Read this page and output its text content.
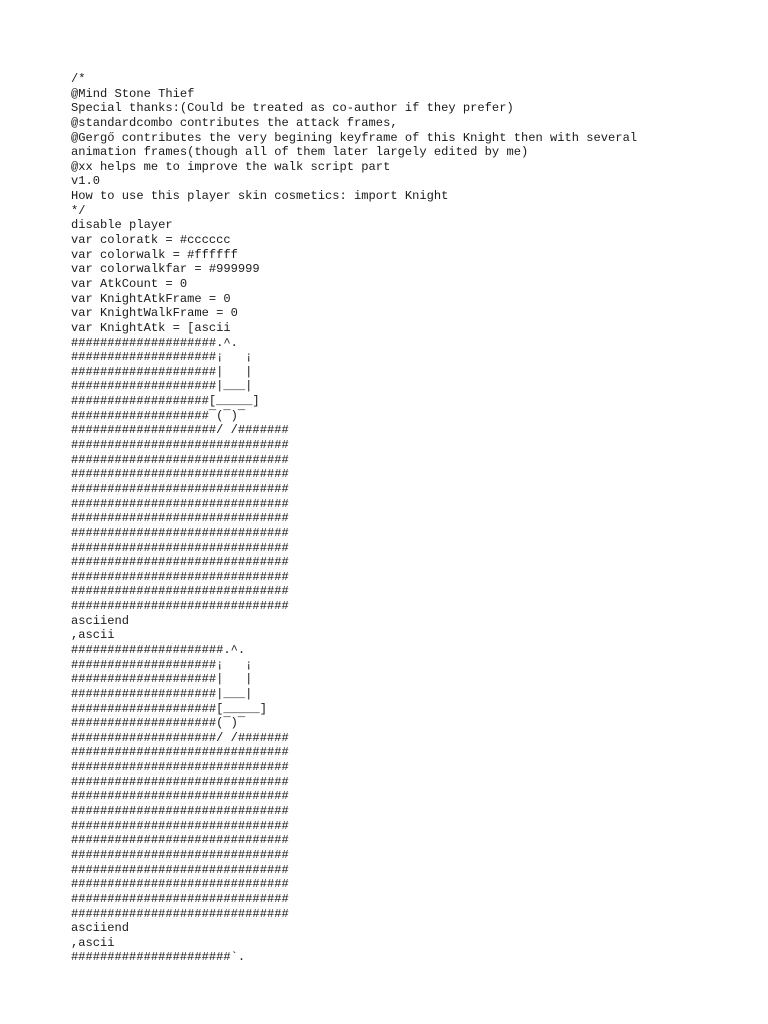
/*
@Mind Stone Thief
Special thanks:(Could be treated as co-author if they prefer)
@standardcombo contributes the attack frames,
@Gergő contributes the very begining keyframe of this Knight then with several
animation frames(though all of them later largely edited by me)
@xx helps me to improve the walk script part
v1.0
How to use this player skin cosmetics: import Knight
*/
disable player
var coloratk = #cccccc
var colorwalk = #ffffff
var colorwalkfar = #999999
var AtkCount = 0
var KnightAtkFrame = 0
var KnightWalkFrame = 0
var KnightAtk = [ascii
####################.^.
####################¡   ¡
####################|   |
####################|___|
###################[_____]
###################¯(¯)¯
####################/ /#######
##############################
##############################
##############################
##############################
##############################
##############################
##############################
##############################
##############################
##############################
##############################
##############################
asciiend
,ascii
#####################.^.
####################¡   ¡
####################|   |
####################|___|
####################[_____]
####################(¯)¯
####################/ /#######
##############################
##############################
##############################
##############################
##############################
##############################
##############################
##############################
##############################
##############################
##############################
##############################
asciiend
,ascii
######################`.
